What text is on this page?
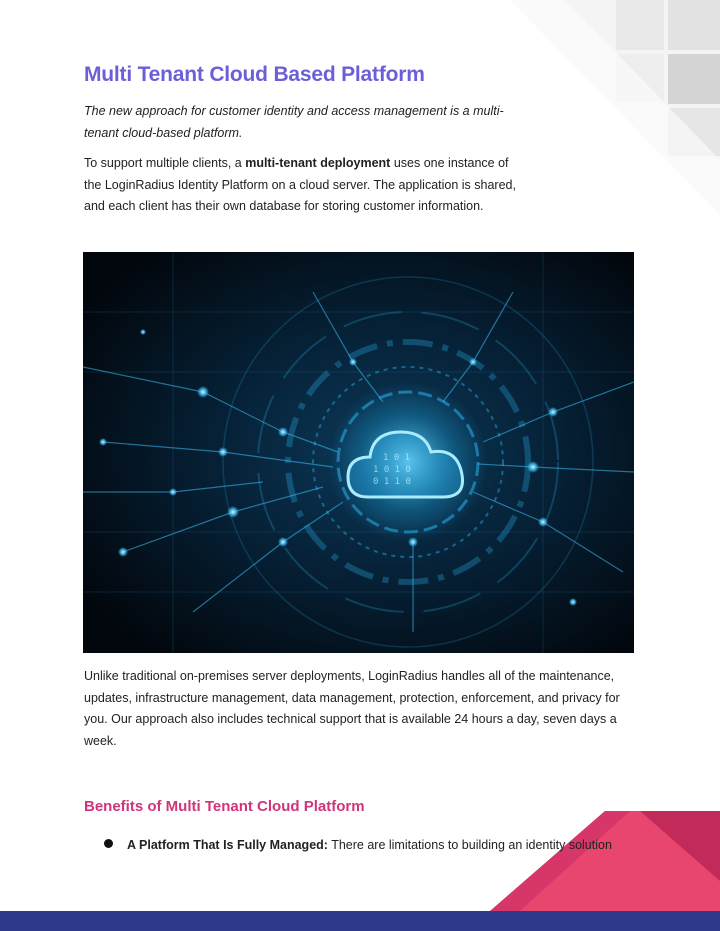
Multi Tenant Cloud Based Platform

The new approach for customer identity and access management is a multi-tenant cloud-based platform.

To support multiple clients, a multi-tenant deployment uses one instance of the LoginRadius Identity Platform on a cloud server. The application is shared, and each client has their own database for storing customer information.

1 0 1 0
0 1 1 0
1 0 1

Unlike traditional on-premises server deployments, LoginRadius handles all of the maintenance, updates, infrastructure management, data management, protection, enforcement, and privacy for you. Our approach also includes technical support that is available 24 hours a day, seven days a week.

Benefits of Multi Tenant Cloud Platform
A Platform That Is Fully Managed: There are limitations to building an identity solution
